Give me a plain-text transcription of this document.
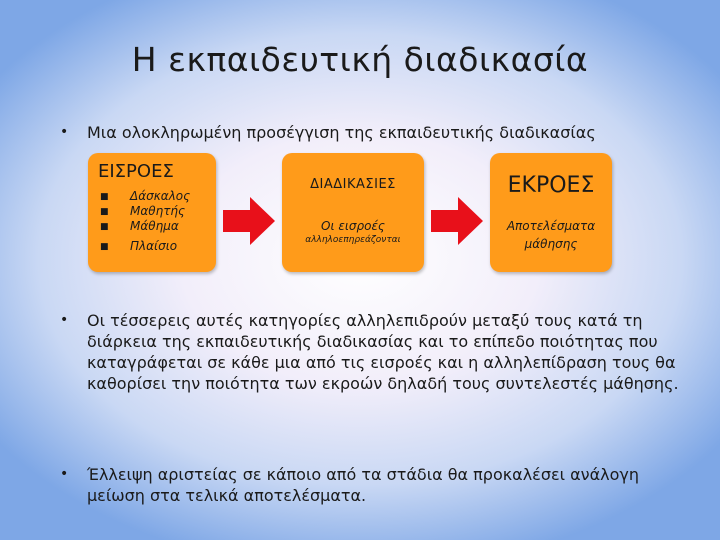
Η εκπαιδευτική διαδικασία
•	Μια ολοκληρωμένη προσέγγιση της εκπαιδευτικής διαδικασίας
ΕΙΣΡΟΕΣ
■ Δάσκαλος
■ Μαθητής
■ Μάθημα
■ Πλαίσιο
ΔΙΑΔΙΚΑΣΙΕΣ
Οι εισροές
αλληλοεπηρεάζονται
ΕΚΡΟΕΣ
Αποτελέσματα
μάθησης
•	Οι τέσσερεις αυτές κατηγορίες αλληλεπιδρούν μεταξύ τους κατά τη διάρκεια της εκπαιδευτικής διαδικασίας και το επίπεδο ποιότητας που καταγράφεται σε κάθε μια από τις εισροές και η αλληλεπίδραση τους θα καθορίσει την ποιότητα των εκροών δηλαδή τους συντελεστές μάθησης.
•	Έλλειψη αριστείας σε κάποιο από τα στάδια θα προκαλέσει ανάλογη μείωση στα τελικά αποτελέσματα.
